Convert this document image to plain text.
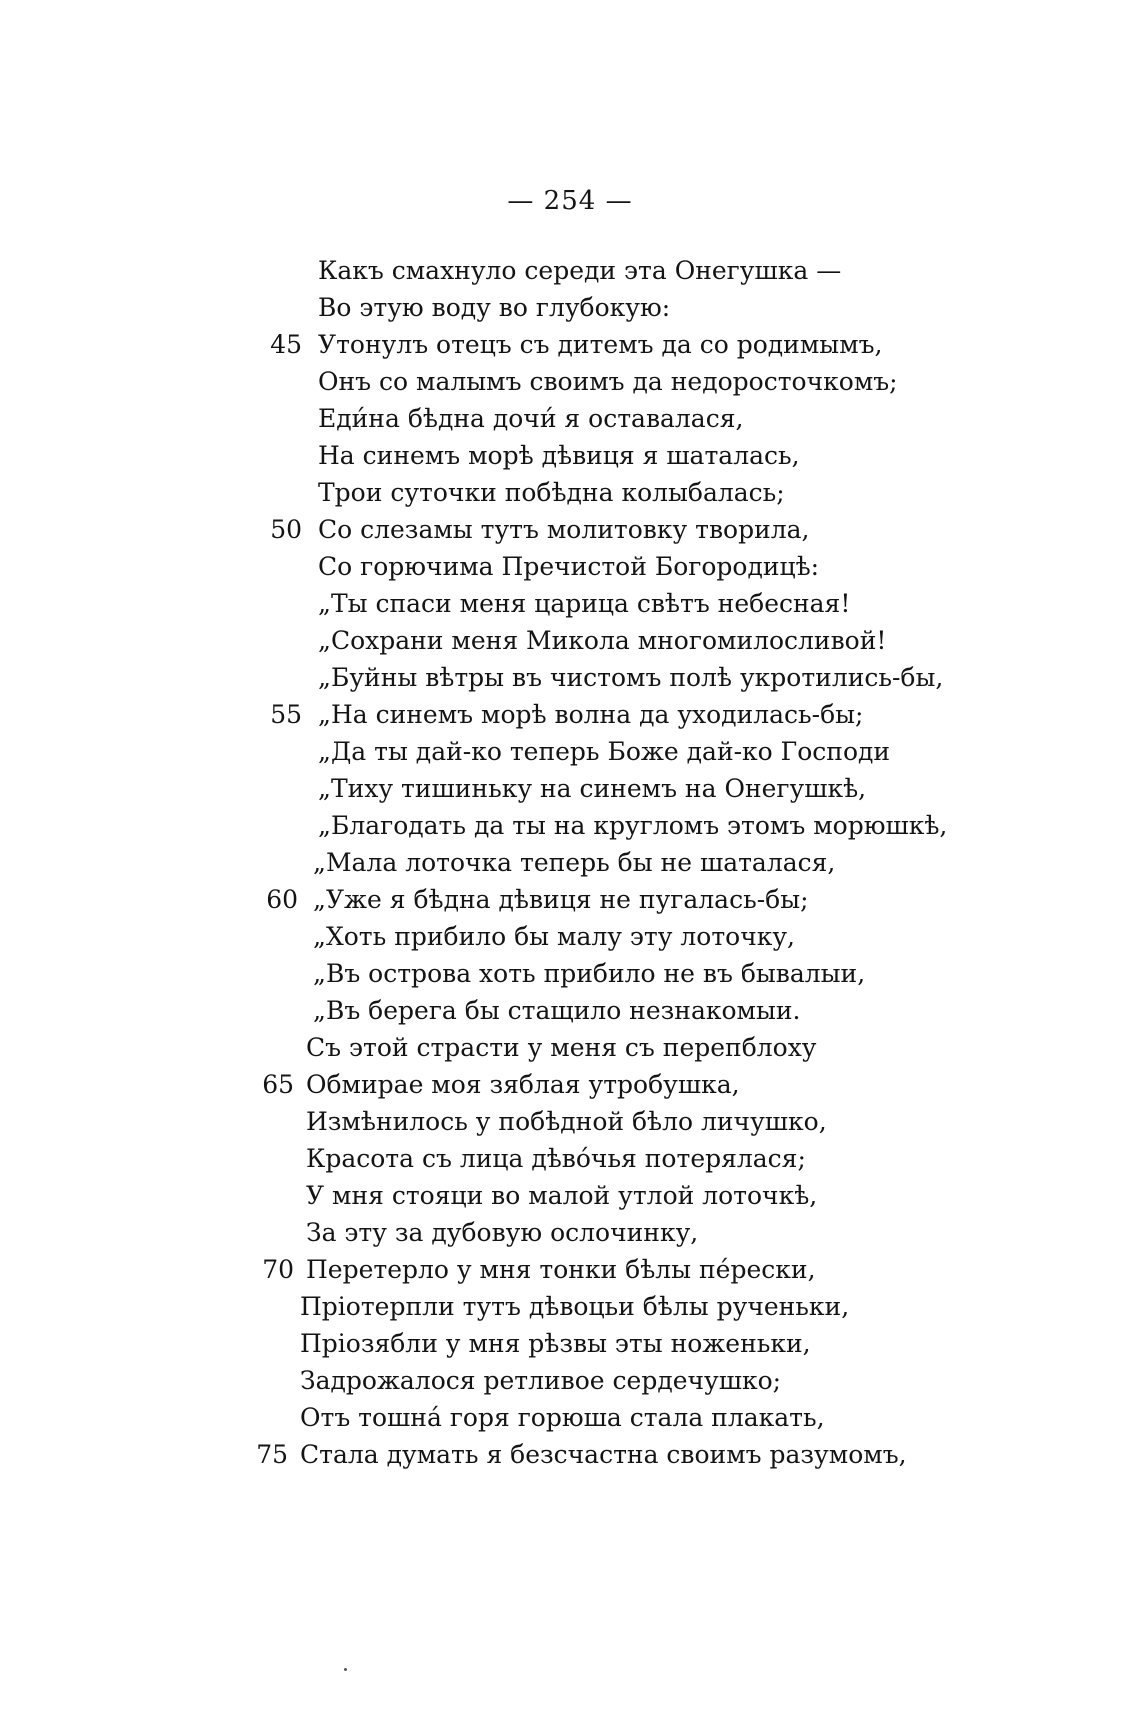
— 254 —
Какъ смахнуло середи эта Онегушка —
Во этую воду во глубокую:
45 Утонулъ отецъ съ дитемъ да со родимымъ,
Онъ со малымъ своимъ да недоросточкомъ;
Еди́на бѣдна дочи́ я оставалася,
На синемъ морѣ дѣвиця я шаталась,
Трои суточки побѣдна колыбалась;
50 Со слезамы тутъ молитовку творила,
Со горючима Пречистой Богородицѣ:
„Ты спаси меня царица свѣтъ небесная!
„Сохрани меня Микола многомилосливой!
„Буйны вѣтры въ чистомъ полѣ укротились-бы,
55 „На синемъ морѣ волна да уходилась-бы;
„Да ты дай-ко теперь Боже дай-ко Господи
„Тиху тишиньку на синемъ на Онегушкѣ,
„Благодать да ты на кругломъ этомъ морюшкѣ,
„Мала лоточка теперь бы не шаталася,
60 „Уже я бѣдна дѣвиця не пугалась-бы;
„Хоть прибило бы малу эту лоточку,
„Въ острова хоть прибило не въ бывалыи,
„Въ берега бы стащило незнакомыи.
Съ этой страсти у меня съ перепблоху
65 Обмирае моя зяблая утробушка,
Измѣнилось у побѣдной бѣло личушко,
Красота съ лица дѣво́чья потерялася;
У мня стояци во малой утлой лоточкѣ,
За эту за дубовую ослочинку,
70 Перетерло у мня тонки бѣлы пе́рески,
Пріотерпли тутъ дѣвоцьи бѣлы рученьки,
Пріозябли у мня рѣзвы эты ноженьки,
Задрожалося ретливое сердечушко;
Отъ тошна́ горя горюша стала плакать,
75 Стала думать я безсчастна своимъ разумомъ,
